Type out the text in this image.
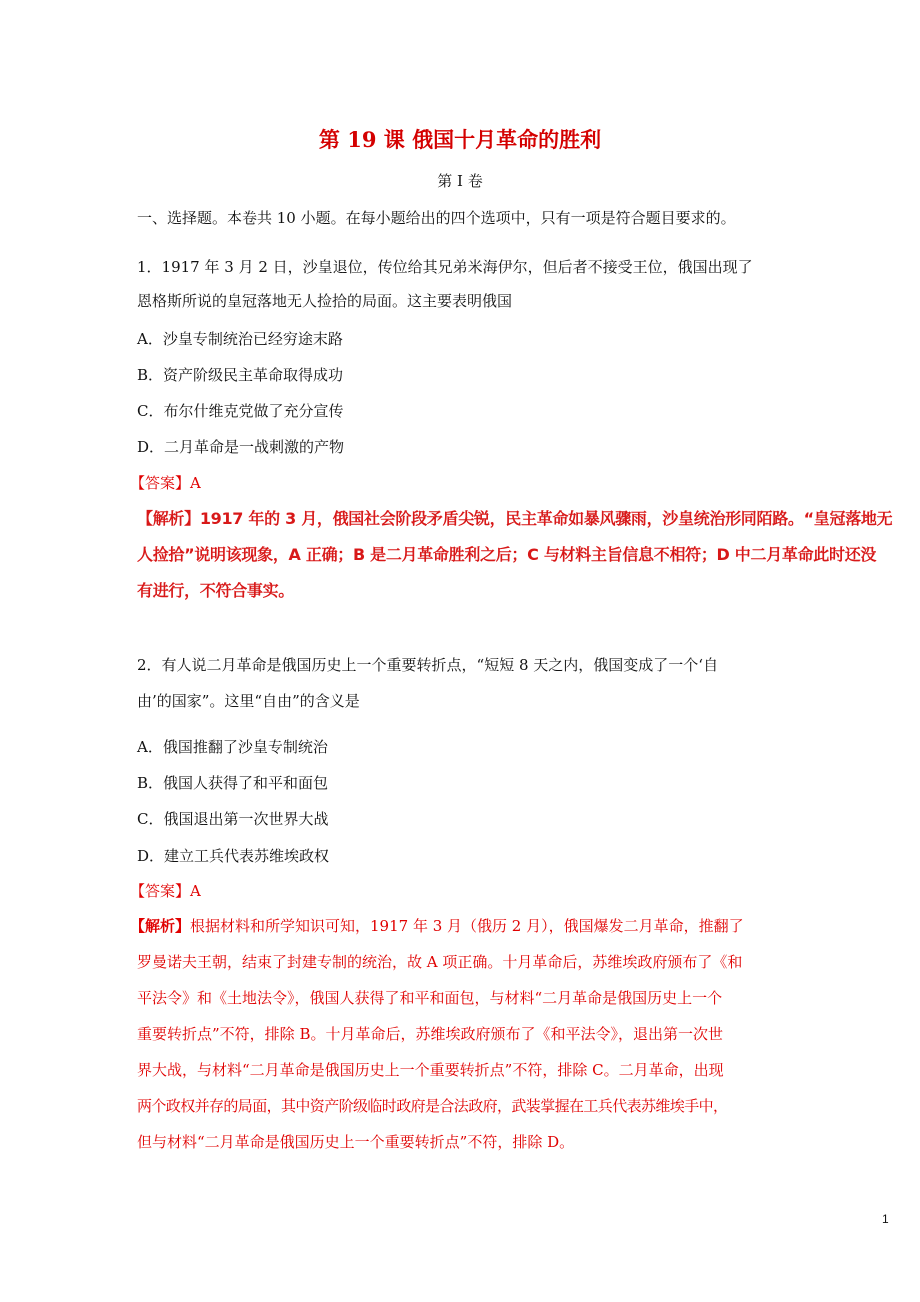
第 19 课 俄国十月革命的胜利
第 I 卷
一、选择题。本卷共 10 小题。在每小题给出的四个选项中，只有一项是符合题目要求的。
1．1917 年 3 月 2 日，沙皇退位，传位给其兄弟米海伊尔，但后者不接受王位，俄国出现了
恩格斯所说的皇冠落地无人捡拾的局面。这主要表明俄国
A．沙皇专制统治已经穷途末路
B．资产阶级民主革命取得成功
C．布尔什维克党做了充分宣传
D．二月革命是一战刺激的产物
【答案】A
【解析】1917 年的 3 月，俄国社会阶段矛盾尖锐，民主革命如暴风骤雨，沙皇统治形同陌路。“皇冠落地无
人捡拾”说明该现象，A 正确；B 是二月革命胜利之后；C 与材料主旨信息不相符；D 中二月革命此时还没
有进行，不符合事实。
2．有人说二月革命是俄国历史上一个重要转折点，“短短 8 天之内，俄国变成了一个‘自
由’的国家”。这里“自由”的含义是
A．俄国推翻了沙皇专制统治
B．俄国人获得了和平和面包
C．俄国退出第一次世界大战
D．建立工兵代表苏维埃政权
【答案】A
【解析】根据材料和所学知识可知，1917 年 3 月（俄历 2 月），俄国爆发二月革命，推翻了
罗曼诺夫王朝，结束了封建专制的统治，故 A 项正确。十月革命后，苏维埃政府颁布了《和
平法令》和《土地法令》，俄国人获得了和平和面包，与材料“二月革命是俄国历史上一个
重要转折点”不符，排除 B。十月革命后，苏维埃政府颁布了《和平法令》，退出第一次世
界大战，与材料“二月革命是俄国历史上一个重要转折点”不符，排除 C。二月革命，出现
两个政权并存的局面，其中资产阶级临时政府是合法政府，武装掌握在工兵代表苏维埃手中，
但与材料“二月革命是俄国历史上一个重要转折点”不符，排除 D。
1
